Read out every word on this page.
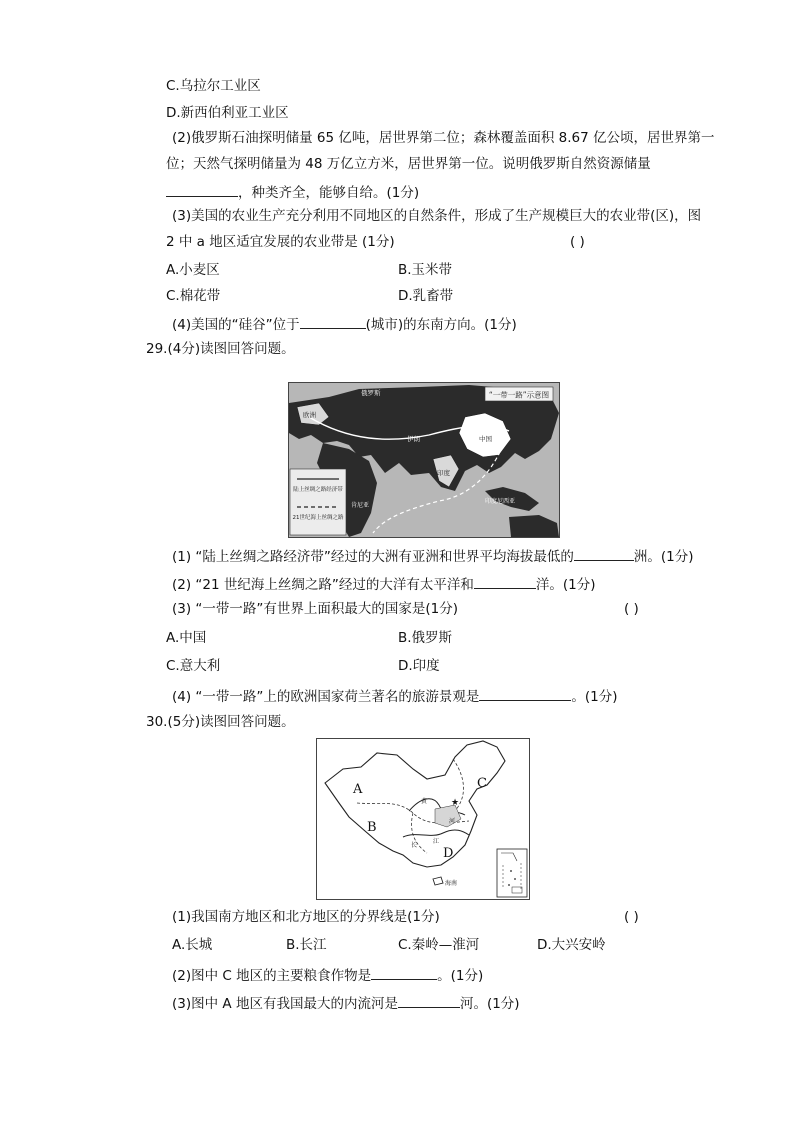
C.乌拉尔工业区
D.新西伯利亚工业区
(2)俄罗斯石油探明储量 65 亿吨，居世界第二位；森林覆盖面积 8.67 亿公顷，居世界第一
位；天然气探明储量为 48 万亿立方米，居世界第一位。说明俄罗斯自然资源储量
，种类齐全，能够自给。(1分)
(3)美国的农业生产充分利用不同地区的自然条件，形成了生产规模巨大的农业带(区)，图
2 中 a 地区适宜发展的农业带是 (1分)	( )
A.小麦区	B.玉米带
C.棉花带	D.乳畜带
(4)美国的“硅谷”位于	(城市)的东南方向。(1分)
29.(4分)读图回答问题。
“一带一路”示意图
陆上丝绸之路经济带
21世纪海上丝绸之路
俄罗斯
欧洲
伊朗	中国
印度
肯尼亚
印度尼西亚
(1) “陆上丝绸之路经济带”经过的大洲有亚洲和世界平均海拔最低的	洲。(1分)
(2) “21 世纪海上丝绸之路”经过的大洋有太平洋和	洋。(1分)
(3) “一带一路”有世界上面积最大的国家是(1分)	( )
A.中国	B.俄罗斯
C.意大利	D.印度
(4) “一带一路”上的欧洲国家荷兰著名的旅游景观是	。(1分)
30.(5分)读图回答问题。
★
A
B
C
D
黄
河
长
江
海南
(1)我国南方地区和北方地区的分界线是(1分)	( )
A.长城	B.长江	C.秦岭—淮河	D.大兴安岭
(2)图中 C 地区的主要粮食作物是	。(1分)
(3)图中 A 地区有我国最大的内流河是	河。(1分)
